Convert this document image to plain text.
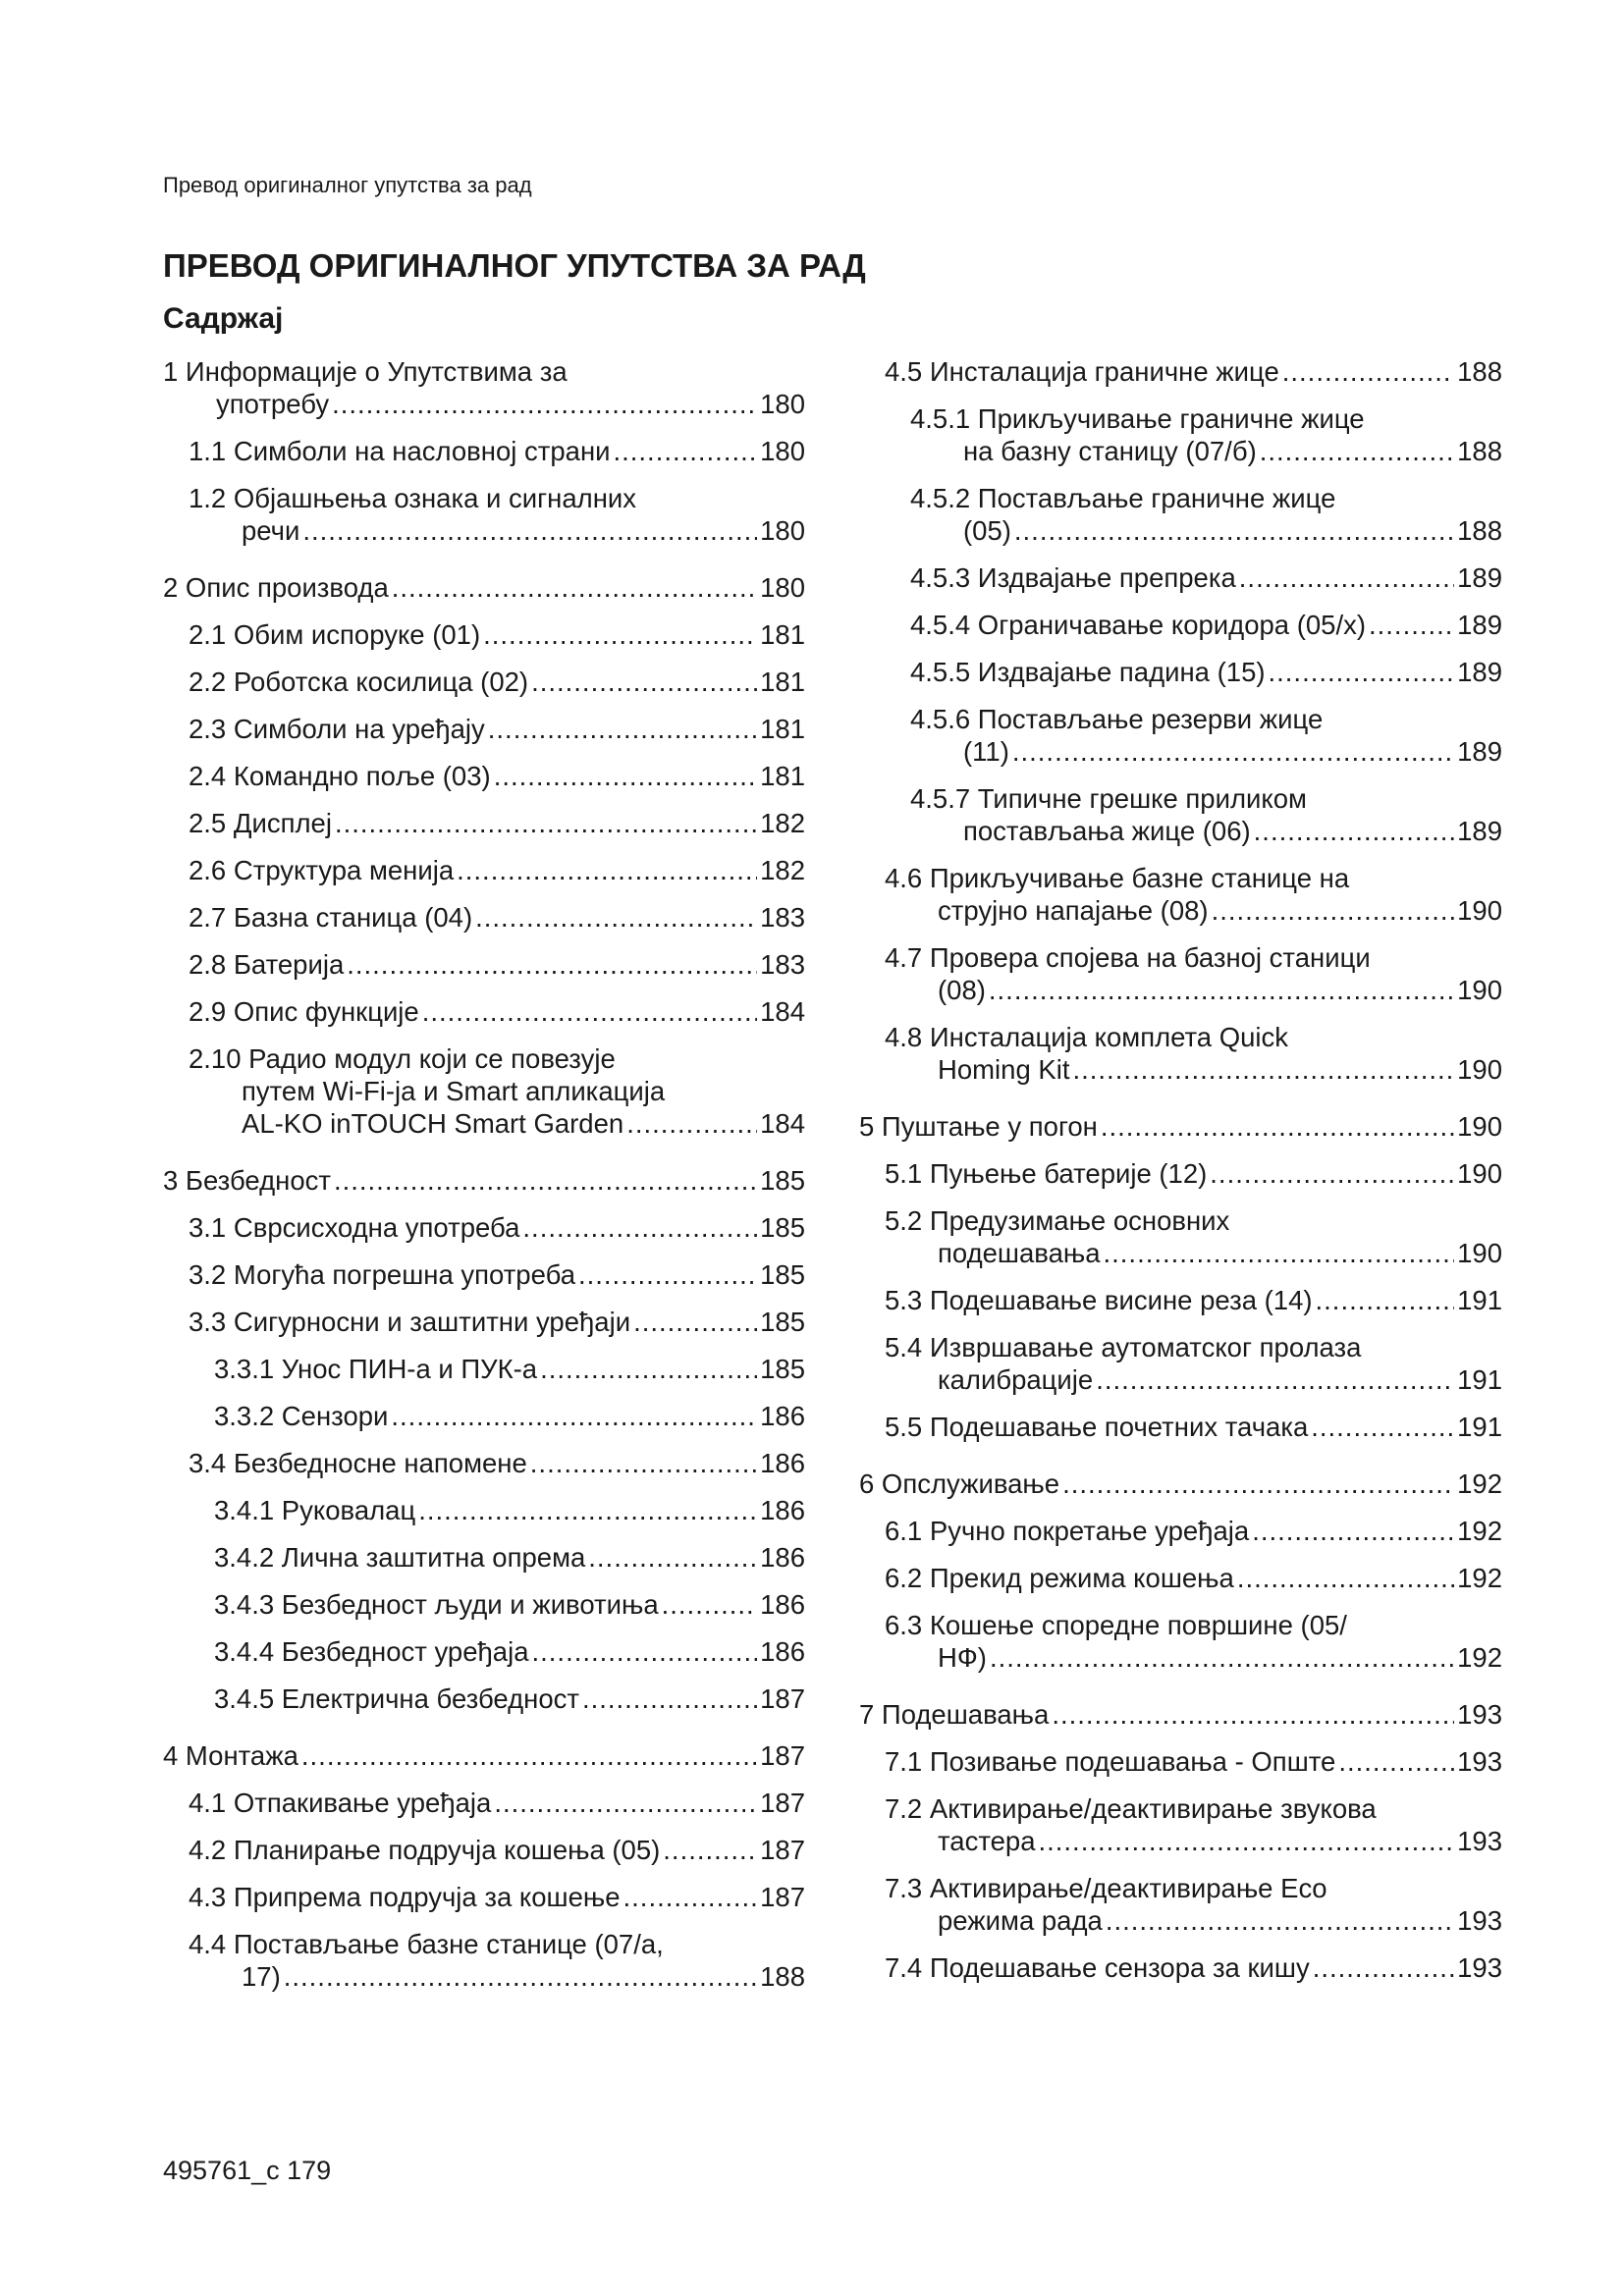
Превод оригиналног упутства за рад
ПРЕВОД ОРИГИНАЛНОГ УПУТСТВА ЗА РАД
Садржај
1 Информације о Упутствима за
употребу .....	180
1.1 Симболи на насловној страни .....	180
1.2 Објашњења ознака и сигналних
речи .....	180
2 Опис производа .....	180
2.1 Обим испоруке (01) .....	181
2.2 Роботска косилица (02) .....	181
2.3 Симболи на уређају .....	181
2.4 Командно поље (03) .....	181
2.5 Дисплеј .....	182
2.6 Структура менија .....	182
2.7 Базна станица (04) .....	183
2.8 Батерија .....	183
2.9 Опис функције .....	184
2.10 Радио модул који се повезује
путем Wi-Fi-ја и Smart апликација
AL-KO inTOUCH Smart Garden .....	184
3 Безбедност .....	185
3.1 Сврсисходна употреба .....	185
3.2 Могућа погрешна употреба .....	185
3.3 Сигурносни и заштитни уређаји .....	185
3.3.1 Унос ПИН-а и ПУК-а .....	185
3.3.2 Сензори .....	186
3.4 Безбедносне напомене .....	186
3.4.1 Руковалац .....	186
3.4.2 Лична заштитна опрема .....	186
3.4.3 Безбедност људи и животиња .....	186
3.4.4 Безбедност уређаја .....	186
3.4.5 Електрична безбедност .....	187
4 Монтажа .....	187
4.1 Отпакивање уређаја .....	187
4.2 Планирање подручја кошења (05) .....	187
4.3 Припрема подручја за кошење .....	187
4.4 Постављање базне станице (07/a,
17) .....	188
4.5 Инсталација граничне жице .....	188
4.5.1 Прикључивање граничне жице
на базну станицу (07/б) .....	188
4.5.2 Постављање граничне жице
(05) .....	188
4.5.3 Издвајање препрека .....	189
4.5.4 Ограничавање коридора (05/x) .....	189
4.5.5 Издвајање падина (15) .....	189
4.5.6 Постављање резерви жице
(11) .....	189
4.5.7 Типичне грешке приликом
постављања жице (06) .....	189
4.6 Прикључивање базне станице на
струјно напајање (08) .....	190
4.7 Провера спојева на базној станици
(08) .....	190
4.8 Инсталација комплета Quick
Homing Kit .....	190
5 Пуштање у погон .....	190
5.1 Пуњење батерије (12) .....	190
5.2 Предузимање основних
подешавања .....	190
5.3 Подешавање висине реза (14) .....	191
5.4 Извршавање аутоматског пролаза
калибрације .....	191
5.5 Подешавање почетних тачака .....	191
6 Опслуживање .....	192
6.1 Ручно покретање уређаја .....	192
6.2 Прекид режима кошења .....	192
6.3 Кошење споредне површине (05/
НФ) .....	192
7 Подешавања .....	193
7.1 Позивање подешавања - Опште .....	193
7.2 Активирање/деактивирање звукова
тастера .....	193
7.3 Активирање/деактивирање Eco
режима рада .....	193
7.4 Подешавање сензора за кишу .....	193
495761_c 179
